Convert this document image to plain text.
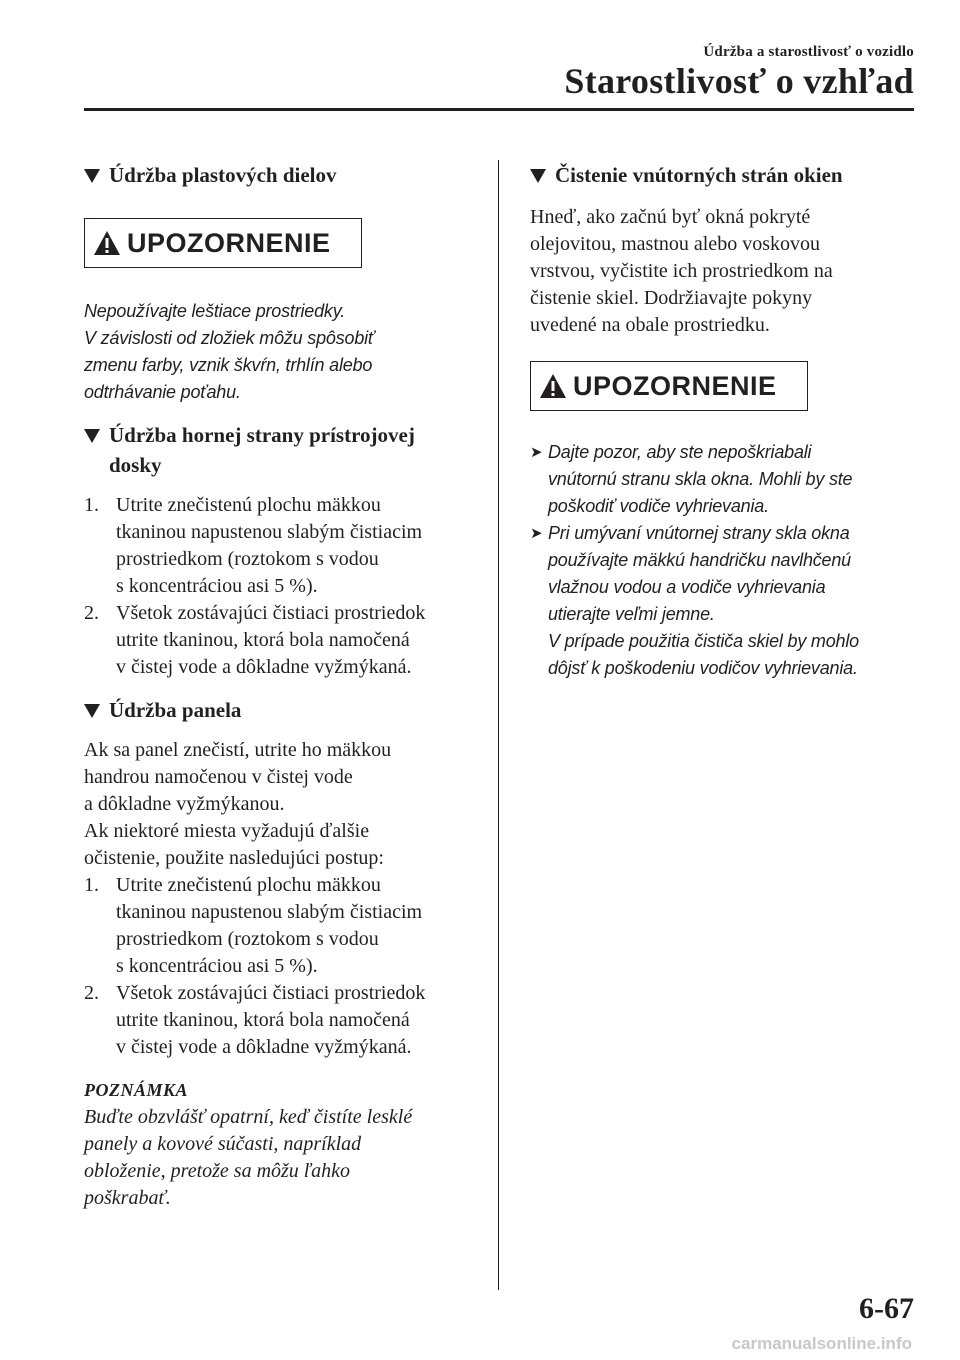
Údržba a starostlivosť o vozidlo
Starostlivosť o vzhľad
Údržba plastových dielov
UPOZORNENIE
Nepoužívajte leštiace prostriedky.
V závislosti od zložiek môžu spôsobiť
zmenu farby, vznik škvŕn, trhlín alebo
odtrhávanie poťahu.
Údržba hornej strany prístrojovej dosky
1. Utrite znečistenú plochu mäkkou
tkaninou napustenou slabým čistiacim
prostriedkom (roztokom s vodou
s koncentráciou asi 5 %).
2. Všetok zostávajúci čistiaci prostriedok
utrite tkaninou, ktorá bola namočená
v čistej vode a dôkladne vyžmýkaná.
Údržba panela
Ak sa panel znečistí, utrite ho mäkkou
handrou namočenou v čistej vode
a dôkladne vyžmýkanou.
Ak niektoré miesta vyžadujú ďalšie
očistenie, použite nasledujúci postup:
1. Utrite znečistenú plochu mäkkou
tkaninou napustenou slabým čistiacim
prostriedkom (roztokom s vodou
s koncentráciou asi 5 %).
2. Všetok zostávajúci čistiaci prostriedok
utrite tkaninou, ktorá bola namočená
v čistej vode a dôkladne vyžmýkaná.
POZNÁMKA
Buďte obzvlášť opatrní, keď čistíte lesklé
panely a kovové súčasti, napríklad
obloženie, pretože sa môžu ľahko
poškrabať.
Čistenie vnútorných strán okien
Hneď, ako začnú byť okná pokryté
olejovitou, mastnou alebo voskovou
vrstvou, vyčistite ich prostriedkom na
čistenie skiel. Dodržiavajte pokyny
uvedené na obale prostriedku.
UPOZORNENIE
➤ Dajte pozor, aby ste nepoškriabali
vnútornú stranu skla okna. Mohli by ste
poškodiť vodiče vyhrievania.
➤ Pri umývaní vnútornej strany skla okna
používajte mäkkú handričku navlhčenú
vlažnou vodou a vodiče vyhrievania
utierajte veľmi jemne.
V prípade použitia čističa skiel by mohlo
dôjsť k poškodeniu vodičov vyhrievania.
6-67
carmanualsonline.info
